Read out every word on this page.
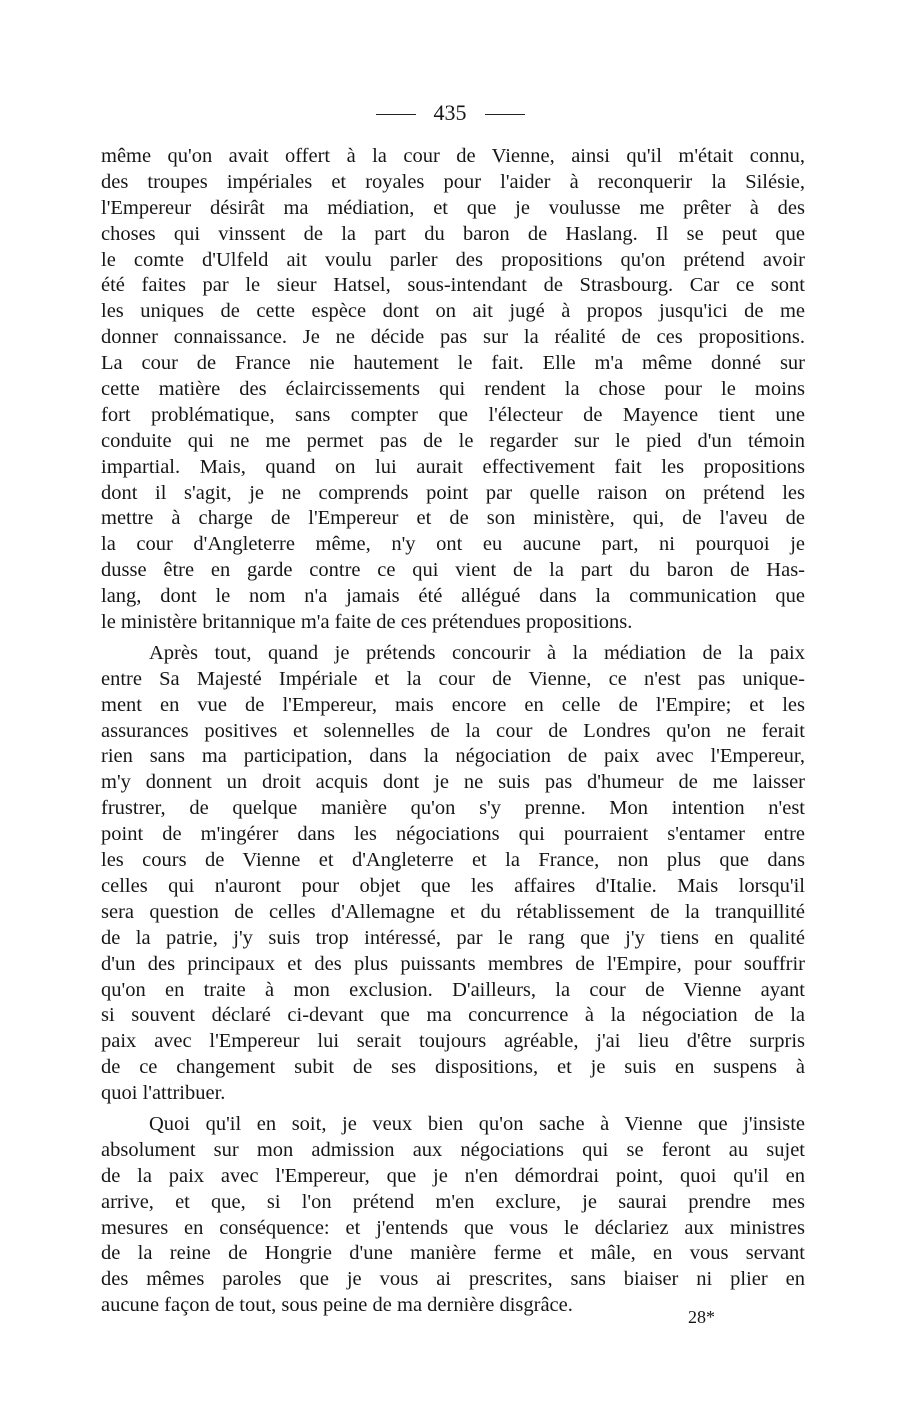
435
même qu'on avait offert à la cour de Vienne, ainsi qu'il m'était connu,
des troupes impériales et royales pour l'aider à reconquerir la Silésie,
l'Empereur désirât ma médiation, et que je voulusse me prêter à des
choses qui vinssent de la part du baron de Haslang. Il se peut que
le comte d'Ulfeld ait voulu parler des propositions qu'on prétend avoir
été faites par le sieur Hatsel, sous-intendant de Strasbourg. Car ce sont
les uniques de cette espèce dont on ait jugé à propos jusqu'ici de me
donner connaissance. Je ne décide pas sur la réalité de ces propositions.
La cour de France nie hautement le fait. Elle m'a même donné sur
cette matière des éclaircissements qui rendent la chose pour le moins
fort problématique, sans compter que l'électeur de Mayence tient une
conduite qui ne me permet pas de le regarder sur le pied d'un témoin
impartial. Mais, quand on lui aurait effectivement fait les propositions
dont il s'agit, je ne comprends point par quelle raison on prétend les
mettre à charge de l'Empereur et de son ministère, qui, de l'aveu de
la cour d'Angleterre même, n'y ont eu aucune part, ni pourquoi je
dusse être en garde contre ce qui vient de la part du baron de Has-
lang, dont le nom n'a jamais été allégué dans la communication que
le ministère britannique m'a faite de ces prétendues propositions.
Après tout, quand je prétends concourir à la médiation de la paix
entre Sa Majesté Impériale et la cour de Vienne, ce n'est pas unique-
ment en vue de l'Empereur, mais encore en celle de l'Empire; et les
assurances positives et solennelles de la cour de Londres qu'on ne ferait
rien sans ma participation, dans la négociation de paix avec l'Empereur,
m'y donnent un droit acquis dont je ne suis pas d'humeur de me laisser
frustrer, de quelque manière qu'on s'y prenne. Mon intention n'est
point de m'ingérer dans les négociations qui pourraient s'entamer entre
les cours de Vienne et d'Angleterre et la France, non plus que dans
celles qui n'auront pour objet que les affaires d'Italie. Mais lorsqu'il
sera question de celles d'Allemagne et du rétablissement de la tranquillité
de la patrie, j'y suis trop intéressé, par le rang que j'y tiens en qualité
d'un des principaux et des plus puissants membres de l'Empire, pour souffrir
qu'on en traite à mon exclusion. D'ailleurs, la cour de Vienne ayant
si souvent déclaré ci-devant que ma concurrence à la négociation de la
paix avec l'Empereur lui serait toujours agréable, j'ai lieu d'être surpris
de ce changement subit de ses dispositions, et je suis en suspens à
quoi l'attribuer.
Quoi qu'il en soit, je veux bien qu'on sache à Vienne que j'insiste
absolument sur mon admission aux négociations qui se feront au sujet
de la paix avec l'Empereur, que je n'en démordrai point, quoi qu'il en
arrive, et que, si l'on prétend m'en exclure, je saurai prendre mes
mesures en conséquence: et j'entends que vous le déclariez aux ministres
de la reine de Hongrie d'une manière ferme et mâle, en vous servant
des mêmes paroles que je vous ai prescrites, sans biaiser ni plier en
aucune façon de tout, sous peine de ma dernière disgrâce.
28*
